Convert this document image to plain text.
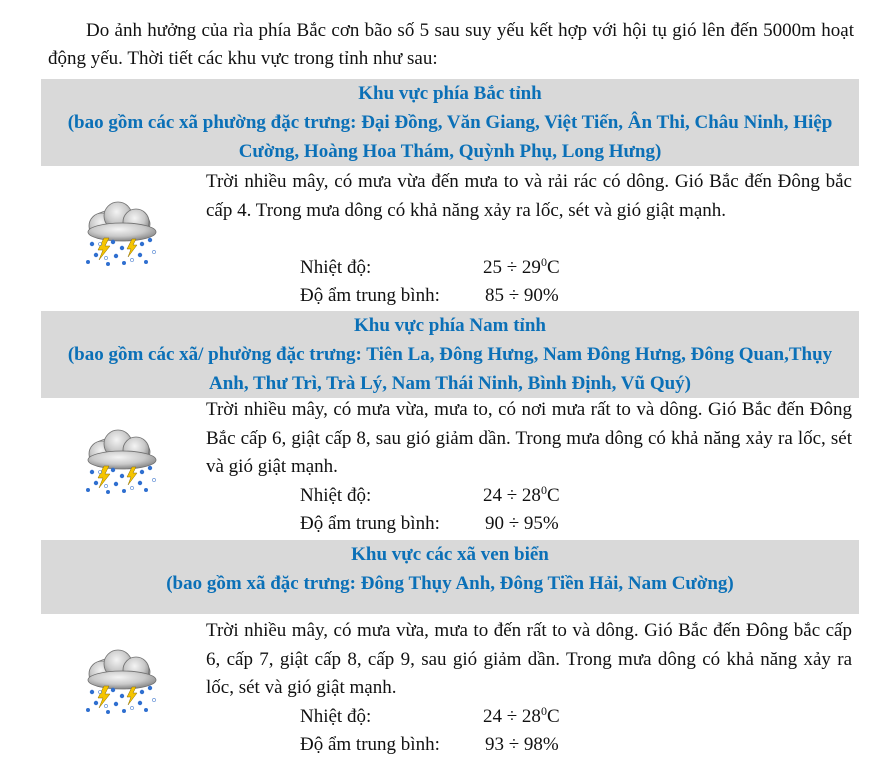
Do ảnh hưởng của rìa phía Bắc cơn bão số 5 sau suy yếu kết hợp với hội tụ gió lên đến 5000m hoạt động yếu. Thời tiết các khu vực trong tỉnh như sau:
Khu vực phía Bắc tỉnh
(bao gồm các xã phường đặc trưng: Đại Đồng, Văn Giang, Việt Tiến, Ân Thi, Châu Ninh, Hiệp Cường, Hoàng Hoa Thám, Quỳnh Phụ, Long Hưng)
Trời nhiều mây, có mưa vừa đến mưa to và rải rác có dông. Gió Bắc đến Đông bắc cấp 4. Trong mưa dông có khả năng xảy ra lốc, sét và gió giật mạnh.
Nhiệt độ:	$25 \div 29^0C$
Độ ẩm trung bình: 85 ÷ 90%
Khu vực phía Nam tỉnh
(bao gồm các xã/ phường đặc trưng: Tiên La, Đông Hưng, Nam Đông Hưng, Đông Quan,Thụy Anh, Thư Trì, Trà Lý, Nam Thái Ninh, Bình Định, Vũ Quý)
Trời nhiều mây, có mưa vừa, mưa to, có nơi mưa rất to và dông. Gió Bắc đến Đông Bắc cấp 6, giật cấp 8, sau gió giảm dần. Trong mưa dông có khả năng xảy ra lốc, sét và gió giật mạnh.
Nhiệt độ:	$24 \div 28^0C$
Độ ẩm trung bình: 90 ÷ 95%
Khu vực các xã ven biển
(bao gồm xã đặc trưng: Đông Thụy Anh, Đông Tiền Hải, Nam Cường)
Trời nhiều mây, có mưa vừa, mưa to đến rất to và dông. Gió Bắc đến Đông bắc cấp 6, cấp 7, giật cấp 8, cấp 9, sau gió giảm dần. Trong mưa dông có khả năng xảy ra lốc, sét và gió giật mạnh.
Nhiệt độ:	$24 \div 28^0C$
Độ ẩm trung bình: 93 ÷ 98%
